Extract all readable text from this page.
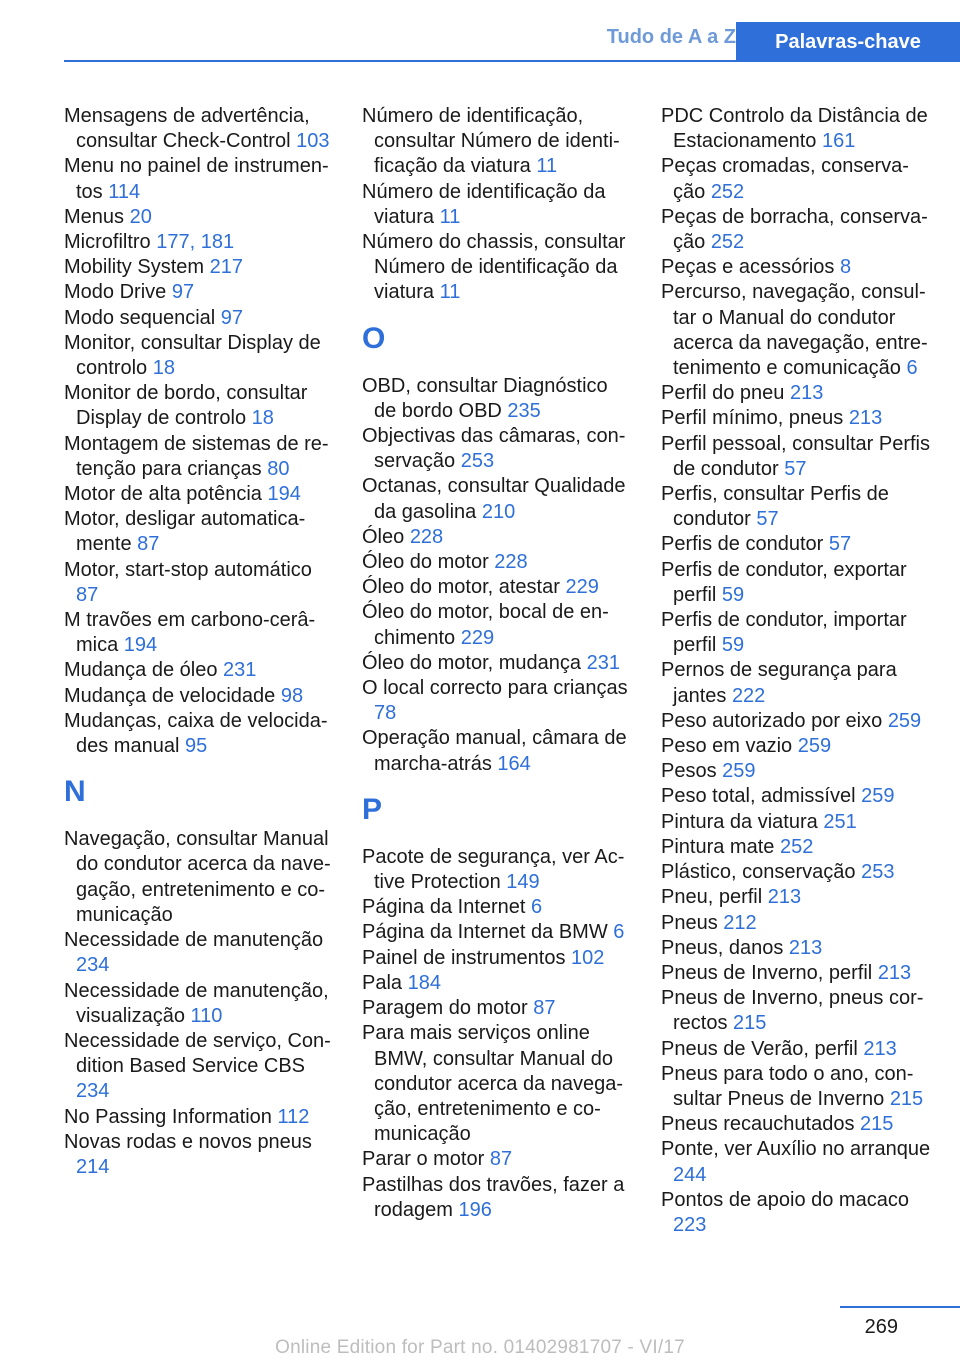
Tudo de A a Z	Palavras-chave
Mensagens de advertência, consultar Check-Control 103
Menu no painel de instrumentos 114
Menus 20
Microfiltro 177, 181
Mobility System 217
Modo Drive 97
Modo sequencial 97
Monitor, consultar Display de controlo 18
Monitor de bordo, consultar Display de controlo 18
Montagem de sistemas de retenção para crianças 80
Motor de alta potência 194
Motor, desligar automaticamente 87
Motor, start-stop automático 87
M travões em carbono-cerâmica 194
Mudança de óleo 231
Mudança de velocidade 98
Mudanças, caixa de velocidades manual 95
N
Navegação, consultar Manual do condutor acerca da navegação, entretenimento e comunicação
Necessidade de manutenção 234
Necessidade de manutenção, visualização 110
Necessidade de serviço, Condition Based Service CBS 234
No Passing Information 112
Novas rodas e novos pneus 214
Número de identificação, consultar Número de identificação da viatura 11
Número de identificação da viatura 11
Número do chassis, consultar Número de identificação da viatura 11
O
OBD, consultar Diagnóstico de bordo OBD 235
Objectivas das câmaras, conservação 253
Octanas, consultar Qualidade da gasolina 210
Óleo 228
Óleo do motor 228
Óleo do motor, atestar 229
Óleo do motor, bocal de enchimento 229
Óleo do motor, mudança 231
O local correcto para crianças 78
Operação manual, câmara de marcha-atrás 164
P
Pacote de segurança, ver Active Protection 149
Página da Internet 6
Página da Internet da BMW 6
Painel de instrumentos 102
Pala 184
Paragem do motor 87
Para mais serviços online BMW, consultar Manual do condutor acerca da navegação, entretenimento e comunicação
Parar o motor 87
Pastilhas dos travões, fazer a rodagem 196
PDC Controlo da Distância de Estacionamento 161
Peças cromadas, conservação 252
Peças de borracha, conservação 252
Peças e acessórios 8
Percurso, navegação, consultar o Manual do condutor acerca da navegação, entretenimento e comunicação 6
Perfil do pneu 213
Perfil mínimo, pneus 213
Perfil pessoal, consultar Perfis de condutor 57
Perfis, consultar Perfis de condutor 57
Perfis de condutor 57
Perfis de condutor, exportar perfil 59
Perfis de condutor, importar perfil 59
Pernos de segurança para jantes 222
Peso autorizado por eixo 259
Peso em vazio 259
Pesos 259
Peso total, admissível 259
Pintura da viatura 251
Pintura mate 252
Plástico, conservação 253
Pneu, perfil 213
Pneus 212
Pneus, danos 213
Pneus de Inverno, perfil 213
Pneus de Inverno, pneus correctos 215
Pneus de Verão, perfil 213
Pneus para todo o ano, consultar Pneus de Inverno 215
Pneus recauchutados 215
Ponte, ver Auxílio no arranque 244
Pontos de apoio do macaco 223
269
Online Edition for Part no. 01402981707 - VI/17
